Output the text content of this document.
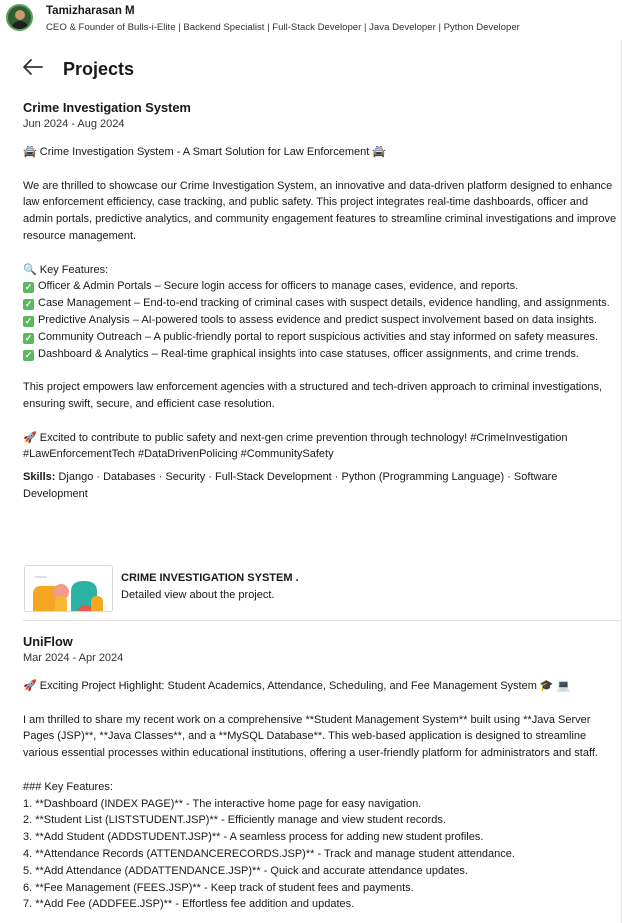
Tamizharasan M
CEO & Founder of Bulls-i-Elite | Backend Specialist | Full-Stack Developer | Java Developer | Python Developer
Projects

Crime Investigation System

Jun 2024 - Aug 2024

🚔 Crime Investigation System - A Smart Solution for Law Enforcement 🚔

We are thrilled to showcase our Crime Investigation System, an innovative and data-driven platform designed to enhance law enforcement efficiency, case tracking, and public safety. This project integrates real-time dashboards, officer and admin portals, predictive analytics, and community engagement features to streamline criminal investigations and improve resource management.

🔍 Key Features:

✓ Officer & Admin Portals – Secure login access for officers to manage cases, evidence, and reports.

✓ Case Management – End-to-end tracking of criminal cases with suspect details, evidence handling, and assignments.

✓ Predictive Analysis – AI-powered tools to assess evidence and predict suspect involvement based on data insights.

✓ Community Outreach – A public-friendly portal to report suspicious activities and stay informed on safety measures.

✓ Dashboard & Analytics – Real-time graphical insights into case statuses, officer assignments, and crime trends.

This project empowers law enforcement agencies with a structured and tech-driven approach to criminal investigations, ensuring swift, secure, and efficient case resolution.

🚀 Excited to contribute to public safety and next-gen crime prevention through technology! #CrimeInvestigation #LawEnforcementTech #DataDrivenPolicing #CommunitySafety

Skills: Django · Databases · Security · Full-Stack Development · Python (Programming Language) · Software Development

CRIME INVESTIGATION SYSTEM .
Detailed view about the project.

UniFlow

Mar 2024 - Apr 2024

🚀 Exciting Project Highlight: Student Academics, Attendance, Scheduling, and Fee Management System 🎓 💻

I am thrilled to share my recent work on a comprehensive **Student Management System** built using **Java Server Pages (JSP)**, **Java Classes**, and a **MySQL Database**. This web-based application is designed to streamline various essential processes within educational institutions, offering a user-friendly platform for administrators and staff.

### Key Features:

1. **Dashboard (INDEX PAGE)** - The interactive home page for easy navigation.

2. **Student List (LISTSTUDENT.JSP)** - Efficiently manage and view student records.

3. **Add Student (ADDSTUDENT.JSP)** - A seamless process for adding new student profiles.

4. **Attendance Records (ATTENDANCERECORDS.JSP)** - Track and manage student attendance.

5. **Add Attendance (ADDATTENDANCE.JSP)** - Quick and accurate attendance updates.

6. **Fee Management (FEES.JSP)** - Keep track of student fees and payments.

7. **Add Fee (ADDFEE.JSP)** - Effortless fee addition and updates.
